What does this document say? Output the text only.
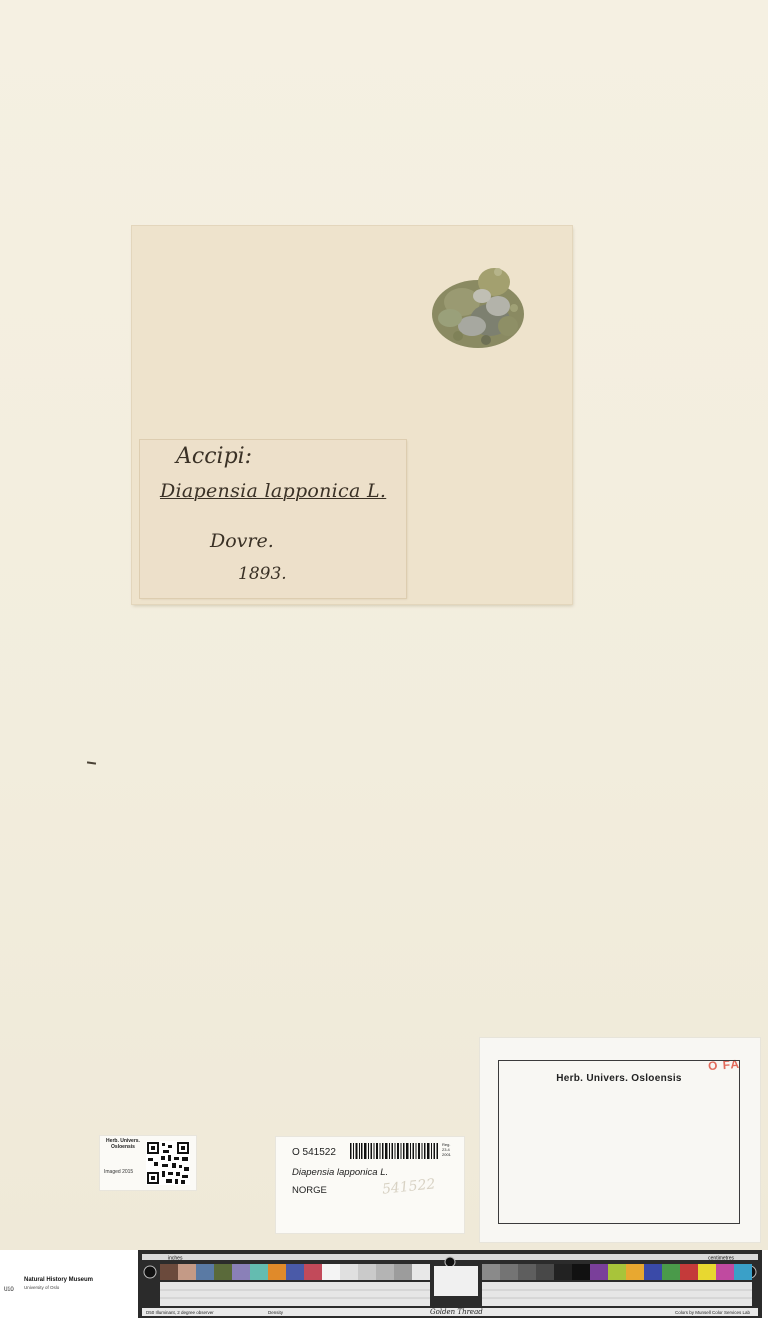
Accipi:
Diapensia lapponica L.
Dovre.
1893.
Herb. Univers.
Osloensis
Imaged 2015
O 541522
Reg.
23.4
2001
Diapensia lapponica L.
NORGE	541522
O FA
Herb. Univers. Osloensis
UiO
Natural History Museum
University of Oslo
inches	centimetres
D50 Illuminant, 2 degree observer	Density	Golden Thread	Colors by Munsell Color Services Lab
